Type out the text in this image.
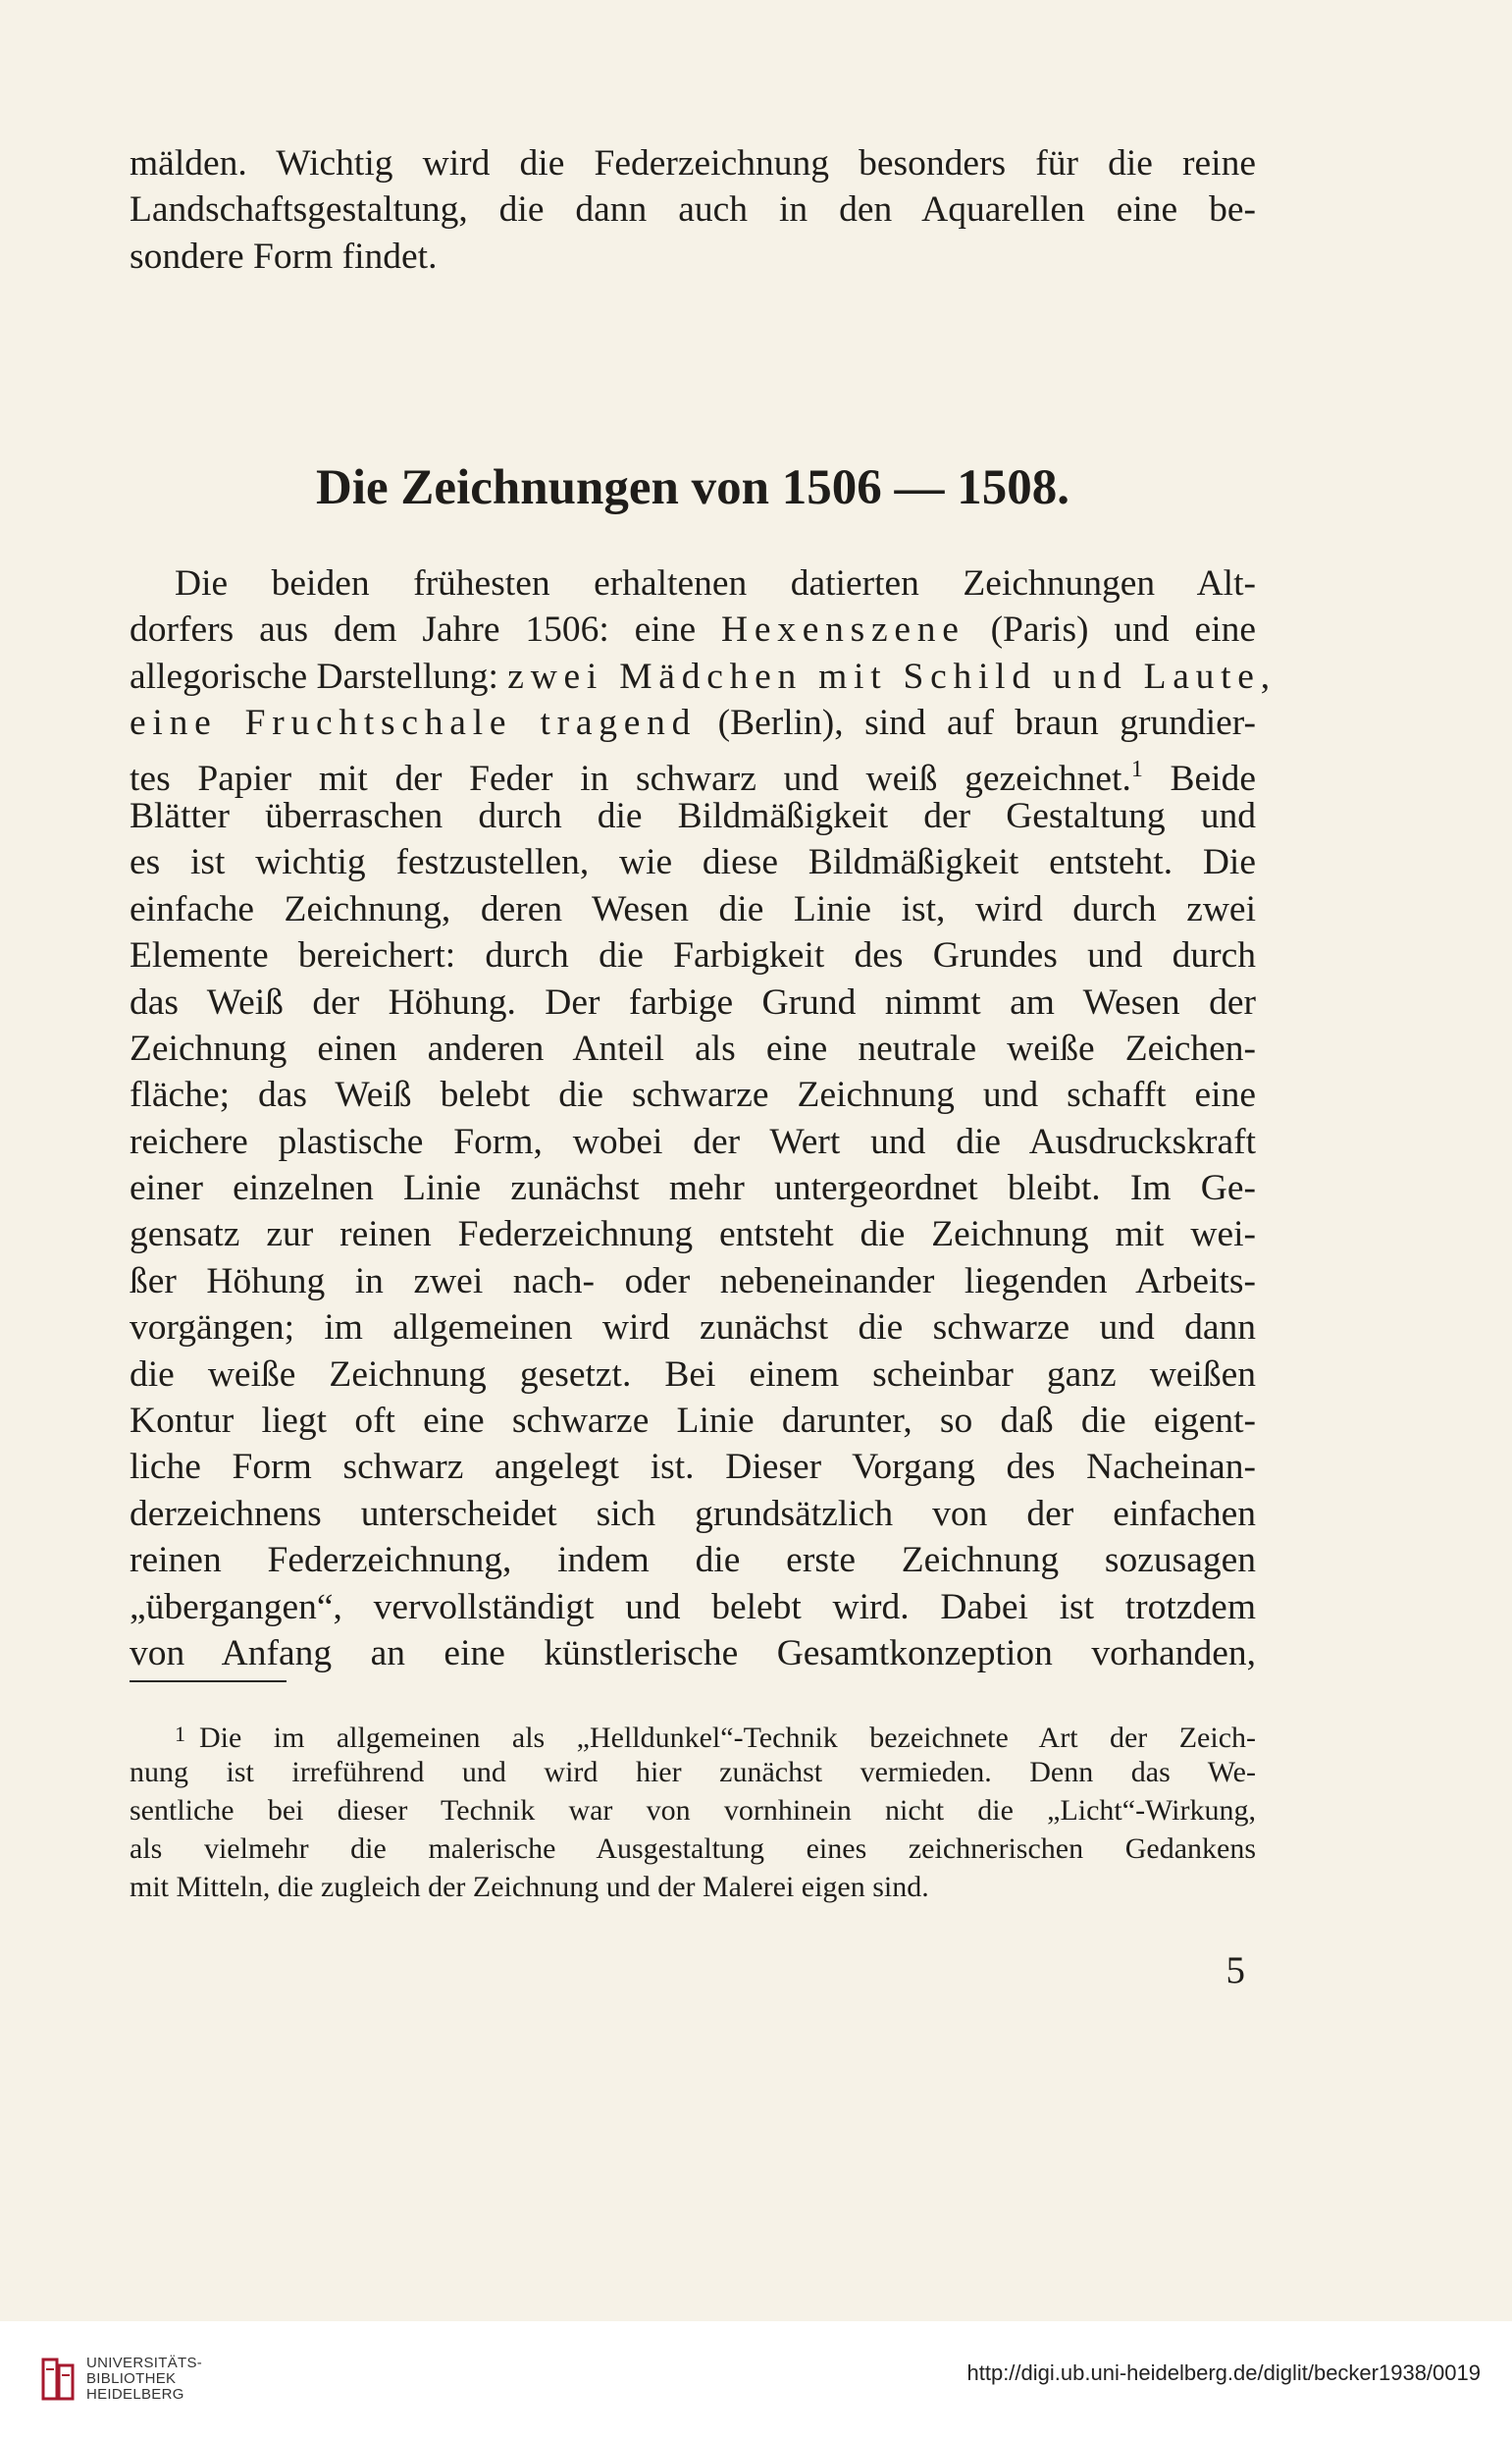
mälden. Wichtig wird die Federzeichnung besonders für die reine
Landschaftsgestaltung, die dann auch in den Aquarellen eine be-
sondere Form findet.
Die Zeichnungen von 1506 — 1508.
Die beiden frühesten erhaltenen datierten Zeichnungen Alt-
dorfers aus dem Jahre 1506: eine Hexenszene (Paris) und eine
allegorische Darstellung: zwei Mädchen mit Schild und Laute,
eine Fruchtschale tragend (Berlin), sind auf braun grundier-
tes Papier mit der Feder in schwarz und weiß gezeichnet.$^1$ Beide
Blätter überraschen durch die Bildmäßigkeit der Gestaltung und
es ist wichtig festzustellen, wie diese Bildmäßigkeit entsteht. Die
einfache Zeichnung, deren Wesen die Linie ist, wird durch zwei
Elemente bereichert: durch die Farbigkeit des Grundes und durch
das Weiß der Höhung. Der farbige Grund nimmt am Wesen der
Zeichnung einen anderen Anteil als eine neutrale weiße Zeichen-
fläche; das Weiß belebt die schwarze Zeichnung und schafft eine
reichere plastische Form, wobei der Wert und die Ausdruckskraft
einer einzelnen Linie zunächst mehr untergeordnet bleibt. Im Ge-
gensatz zur reinen Federzeichnung entsteht die Zeichnung mit wei-
ßer Höhung in zwei nach- oder nebeneinander liegenden Arbeits-
vorgängen; im allgemeinen wird zunächst die schwarze und dann
die weiße Zeichnung gesetzt. Bei einem scheinbar ganz weißen
Kontur liegt oft eine schwarze Linie darunter, so daß die eigent-
liche Form schwarz angelegt ist. Dieser Vorgang des Nacheinan-
derzeichnens unterscheidet sich grundsätzlich von der einfachen
reinen Federzeichnung, indem die erste Zeichnung sozusagen
„übergangen“, vervollständigt und belebt wird. Dabei ist trotzdem
von Anfang an eine künstlerische Gesamtkonzeption vorhanden,
$^1$ Die im allgemeinen als „Helldunkel“-Technik bezeichnete Art der Zeich-
nung ist irreführend und wird hier zunächst vermieden. Denn das We-
sentliche bei dieser Technik war von vornhinein nicht die „Licht“-Wirkung,
als vielmehr die malerische Ausgestaltung eines zeichnerischen Gedankens
mit Mitteln, die zugleich der Zeichnung und der Malerei eigen sind.
5
UNIVERSITÄTS-
BIBLIOTHEK
HEIDELBERG
http://digi.ub.uni-heidelberg.de/diglit/becker1938/0019
